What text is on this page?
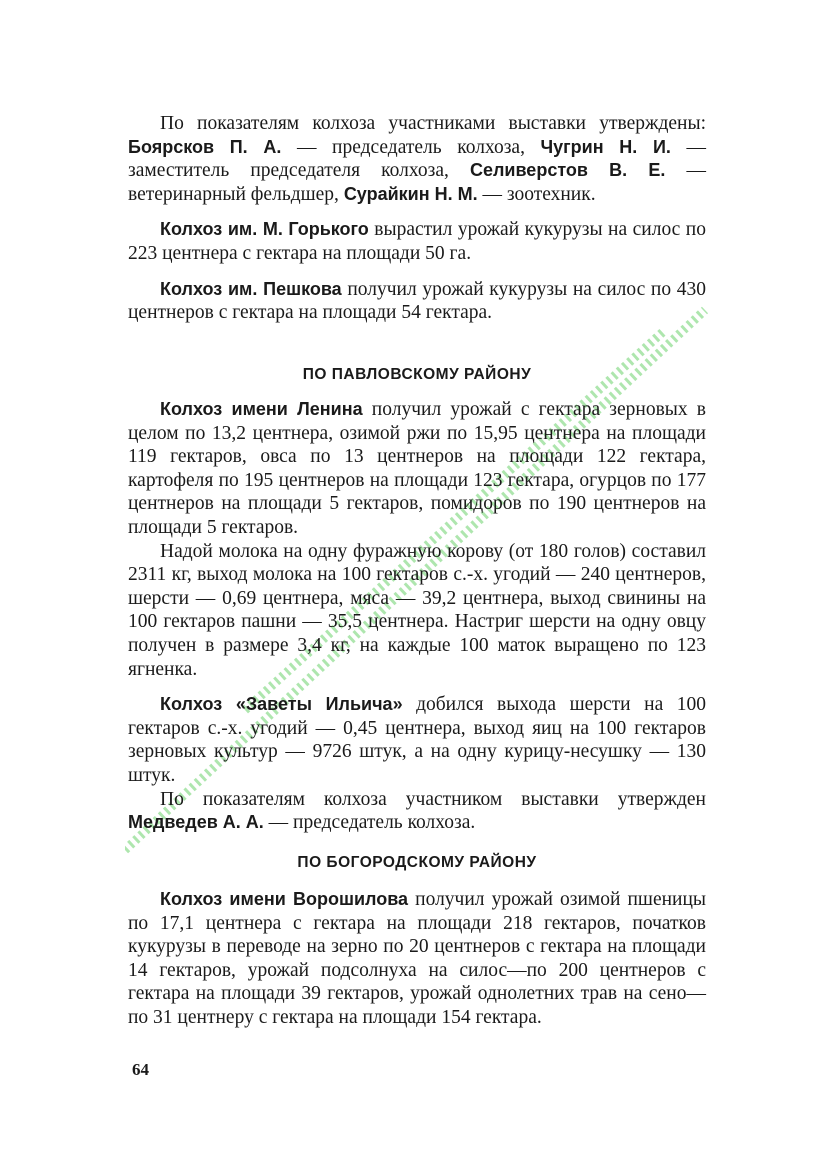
По показателям колхоза участниками выставки утверждены: Боярсков П. А. — председатель колхоза, Чугрин Н. И. — заместитель председателя колхоза, Селиверстов В. Е. — ветеринарный фельдшер, Сурайкин Н. М. — зоотехник.

Колхоз им. М. Горького вырастил урожай кукурузы на силос по 223 центнера с гектара на площади 50 га.

Колхоз им. Пешкова получил урожай кукурузы на силос по 430 центнеров с гектара на площади 54 гектара.

ПО ПАВЛОВСКОМУ РАЙОНУ

Колхоз имени Ленина получил урожай с гектара зерновых в целом по 13,2 центнера, озимой ржи по 15,95 центнера на площади 119 гектаров, овса по 13 центнеров на площади 122 гектара, картофеля по 195 центнеров на площади 123 гектара, огурцов по 177 центнеров на площади 5 гектаров, помидоров по 190 центнеров на площади 5 гектаров.

Надой молока на одну фуражную корову (от 180 голов) составил 2311 кг, выход молока на 100 гектаров с.-х. угодий — 240 центнеров, шерсти — 0,69 центнера, мяса — 39,2 центнера, выход свинины на 100 гектаров пашни — 35,5 центнера. Настриг шерсти на одну овцу получен в размере 3,4 кг, на каждые 100 маток выращено по 123 ягненка.

Колхоз «Заветы Ильича» добился выхода шерсти на 100 гектаров с.-х. угодий — 0,45 центнера, выход яиц на 100 гектаров зерновых культур — 9726 штук, а на одну курицу-несушку — 130 штук.

По показателям колхоза участником выставки утвержден Медведев А. А. — председатель колхоза.

ПО БОГОРОДСКОМУ РАЙОНУ

Колхоз имени Ворошилова получил урожай озимой пшеницы по 17,1 центнера с гектара на площади 218 гектаров, початков кукурузы в переводе на зерно по 20 центнеров с гектара на площади 14 гектаров, урожай подсолнуха на силос—по 200 центнеров с гектара на площади 39 гектаров, урожай однолетних трав на сено—по 31 центнеру с гектара на площади 154 гектара.

64
